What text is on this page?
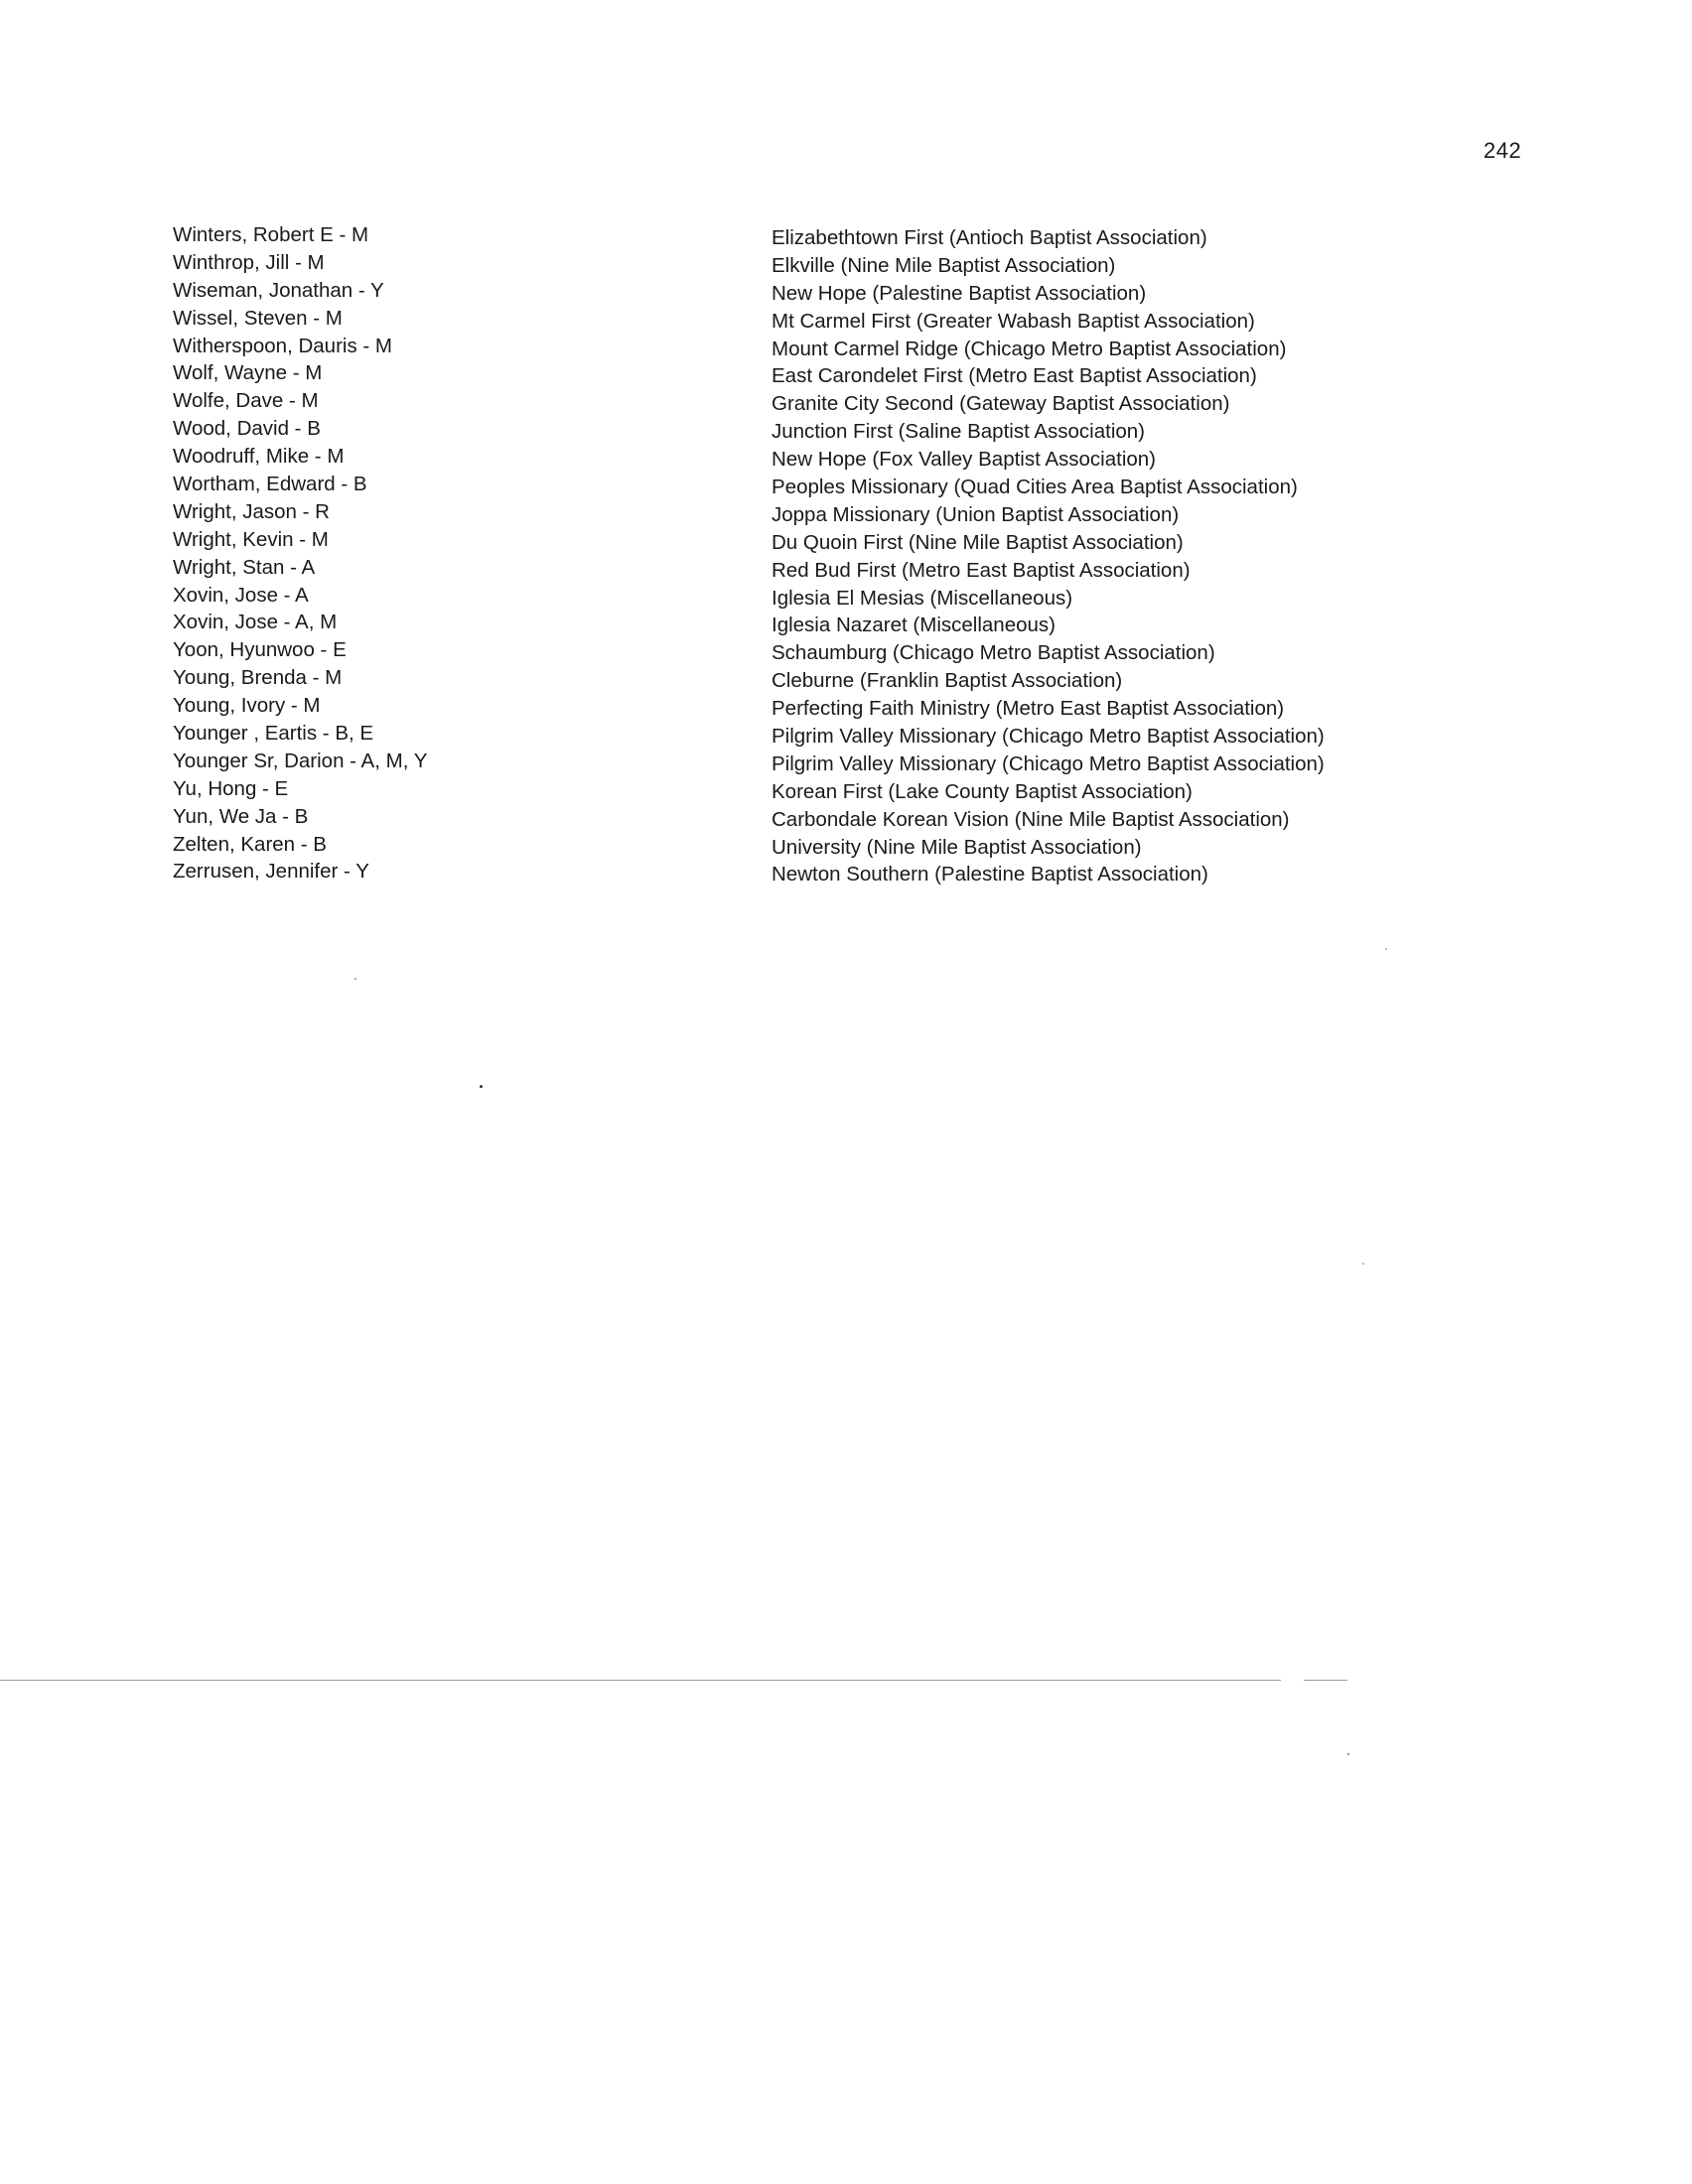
242
Winters, Robert E - M
Winthrop, Jill - M
Wiseman, Jonathan - Y
Wissel, Steven - M
Witherspoon, Dauris - M
Wolf, Wayne - M
Wolfe, Dave - M
Wood, David - B
Woodruff, Mike - M
Wortham, Edward - B
Wright, Jason - R
Wright, Kevin - M
Wright, Stan - A
Xovin, Jose - A
Xovin, Jose - A, M
Yoon, Hyunwoo - E
Young, Brenda - M
Young, Ivory - M
Younger , Eartis - B, E
Younger Sr, Darion - A, M, Y
Yu, Hong - E
Yun, We Ja - B
Zelten, Karen - B
Zerrusen, Jennifer - Y
Elizabethtown First (Antioch Baptist Association)
Elkville (Nine Mile Baptist Association)
New Hope (Palestine Baptist Association)
Mt Carmel First (Greater Wabash Baptist Association)
Mount Carmel Ridge (Chicago Metro Baptist Association)
East Carondelet First (Metro East Baptist Association)
Granite City Second (Gateway Baptist Association)
Junction First (Saline Baptist Association)
New Hope (Fox Valley Baptist Association)
Peoples Missionary (Quad Cities Area Baptist Association)
Joppa Missionary (Union Baptist Association)
Du Quoin First (Nine Mile Baptist Association)
Red Bud First (Metro East Baptist Association)
Iglesia El Mesias (Miscellaneous)
Iglesia Nazaret (Miscellaneous)
Schaumburg (Chicago Metro Baptist Association)
Cleburne (Franklin Baptist Association)
Perfecting Faith Ministry (Metro East Baptist Association)
Pilgrim Valley Missionary (Chicago Metro Baptist Association)
Pilgrim Valley Missionary (Chicago Metro Baptist Association)
Korean First (Lake County Baptist Association)
Carbondale Korean Vision (Nine Mile Baptist Association)
University (Nine Mile Baptist Association)
Newton Southern (Palestine Baptist Association)
